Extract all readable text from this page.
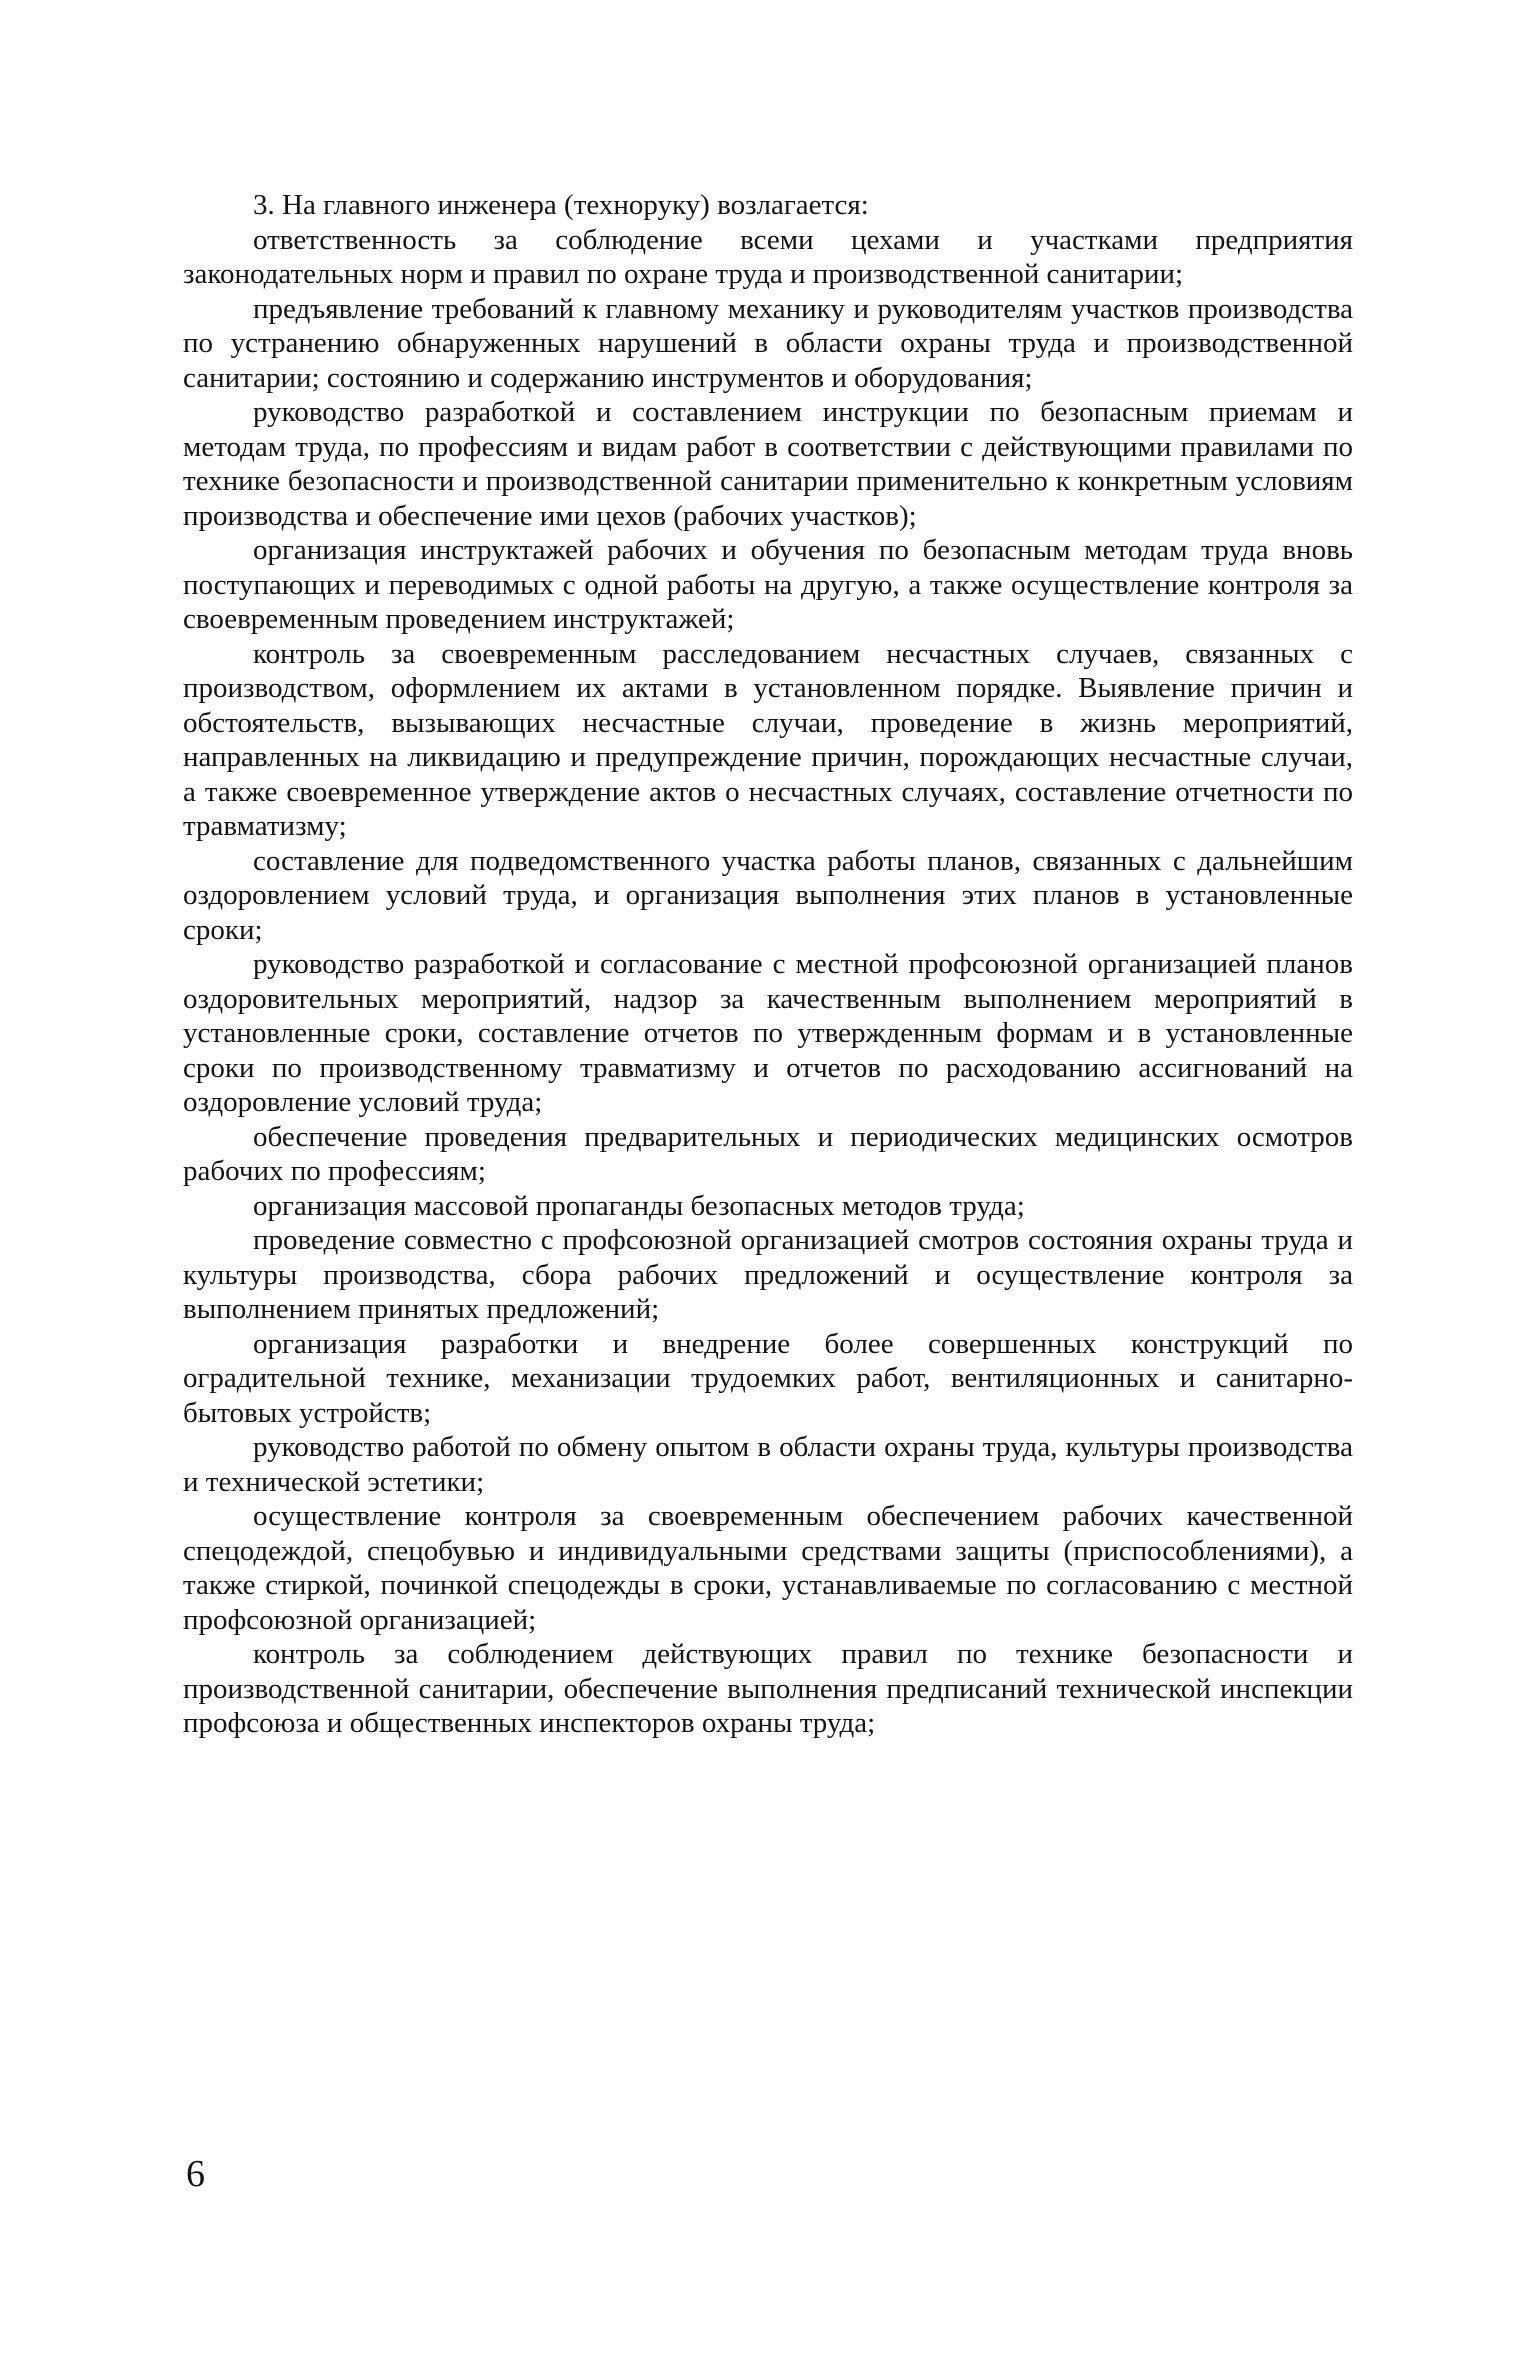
3. На главного инженера (техноруку) возлагается:

ответственность за соблюдение всеми цехами и участками предприятия законодательных норм и правил по охране труда и производственной санитарии;

предъявление требований к главному механику и руководителям участков производства по устранению обнаруженных нарушений в области охраны труда и производственной санитарии; состоянию и содержанию инструментов и оборудования;

руководство разработкой и составлением инструкции по безопасным приемам и методам труда, по профессиям и видам работ в соответствии с действующими правилами по технике безопасности и производственной санитарии применительно к конкретным условиям производства и обеспечение ими цехов (рабочих участков);

организация инструктажей рабочих и обучения по безопасным методам труда вновь поступающих и переводимых с одной работы на другую, а также осуществление контроля за своевременным проведением инструктажей;

контроль за своевременным расследованием несчастных случаев, связанных с производством, оформлением их актами в установленном порядке. Выявление причин и обстоятельств, вызывающих несчастные случаи, проведение в жизнь мероприятий, направленных на ликвидацию и предупреждение причин, порождающих несчастные случаи, а также своевременное утверждение актов о несчастных случаях, составление отчетности по травматизму;

составление для подведомственного участка работы планов, связанных с дальнейшим оздоровлением условий труда, и организация выполнения этих планов в установленные сроки;

руководство разработкой и согласование с местной профсоюзной организацией планов оздоровительных мероприятий, надзор за качественным выполнением мероприятий в установленные сроки, составление отчетов по утвержденным формам и в установленные сроки по производственному травматизму и отчетов по расходованию ассигнований на оздоровление условий труда;

обеспечение проведения предварительных и периодических медицинских осмотров рабочих по профессиям;

организация массовой пропаганды безопасных методов труда;

проведение совместно с профсоюзной организацией смотров состояния охраны труда и культуры производства, сбора рабочих предложений и осуществление контроля за выполнением принятых предложений;

организация разработки и внедрение более совершенных конструкций по оградительной технике, механизации трудоемких работ, вентиляционных и санитарно-бытовых устройств;

руководство работой по обмену опытом в области охраны труда, культуры производства и технической эстетики;

осуществление контроля за своевременным обеспечением рабочих качественной спецодеждой, спецобувью и индивидуальными средствами защиты (приспособлениями), а также стиркой, починкой спецодежды в сроки, устанавливаемые по согласованию с местной профсоюзной организацией;

контроль за соблюдением действующих правил по технике безопасности и производственной санитарии, обеспечение выполнения предписаний технической инспекции профсоюза и общественных инспекторов охраны труда;

6
